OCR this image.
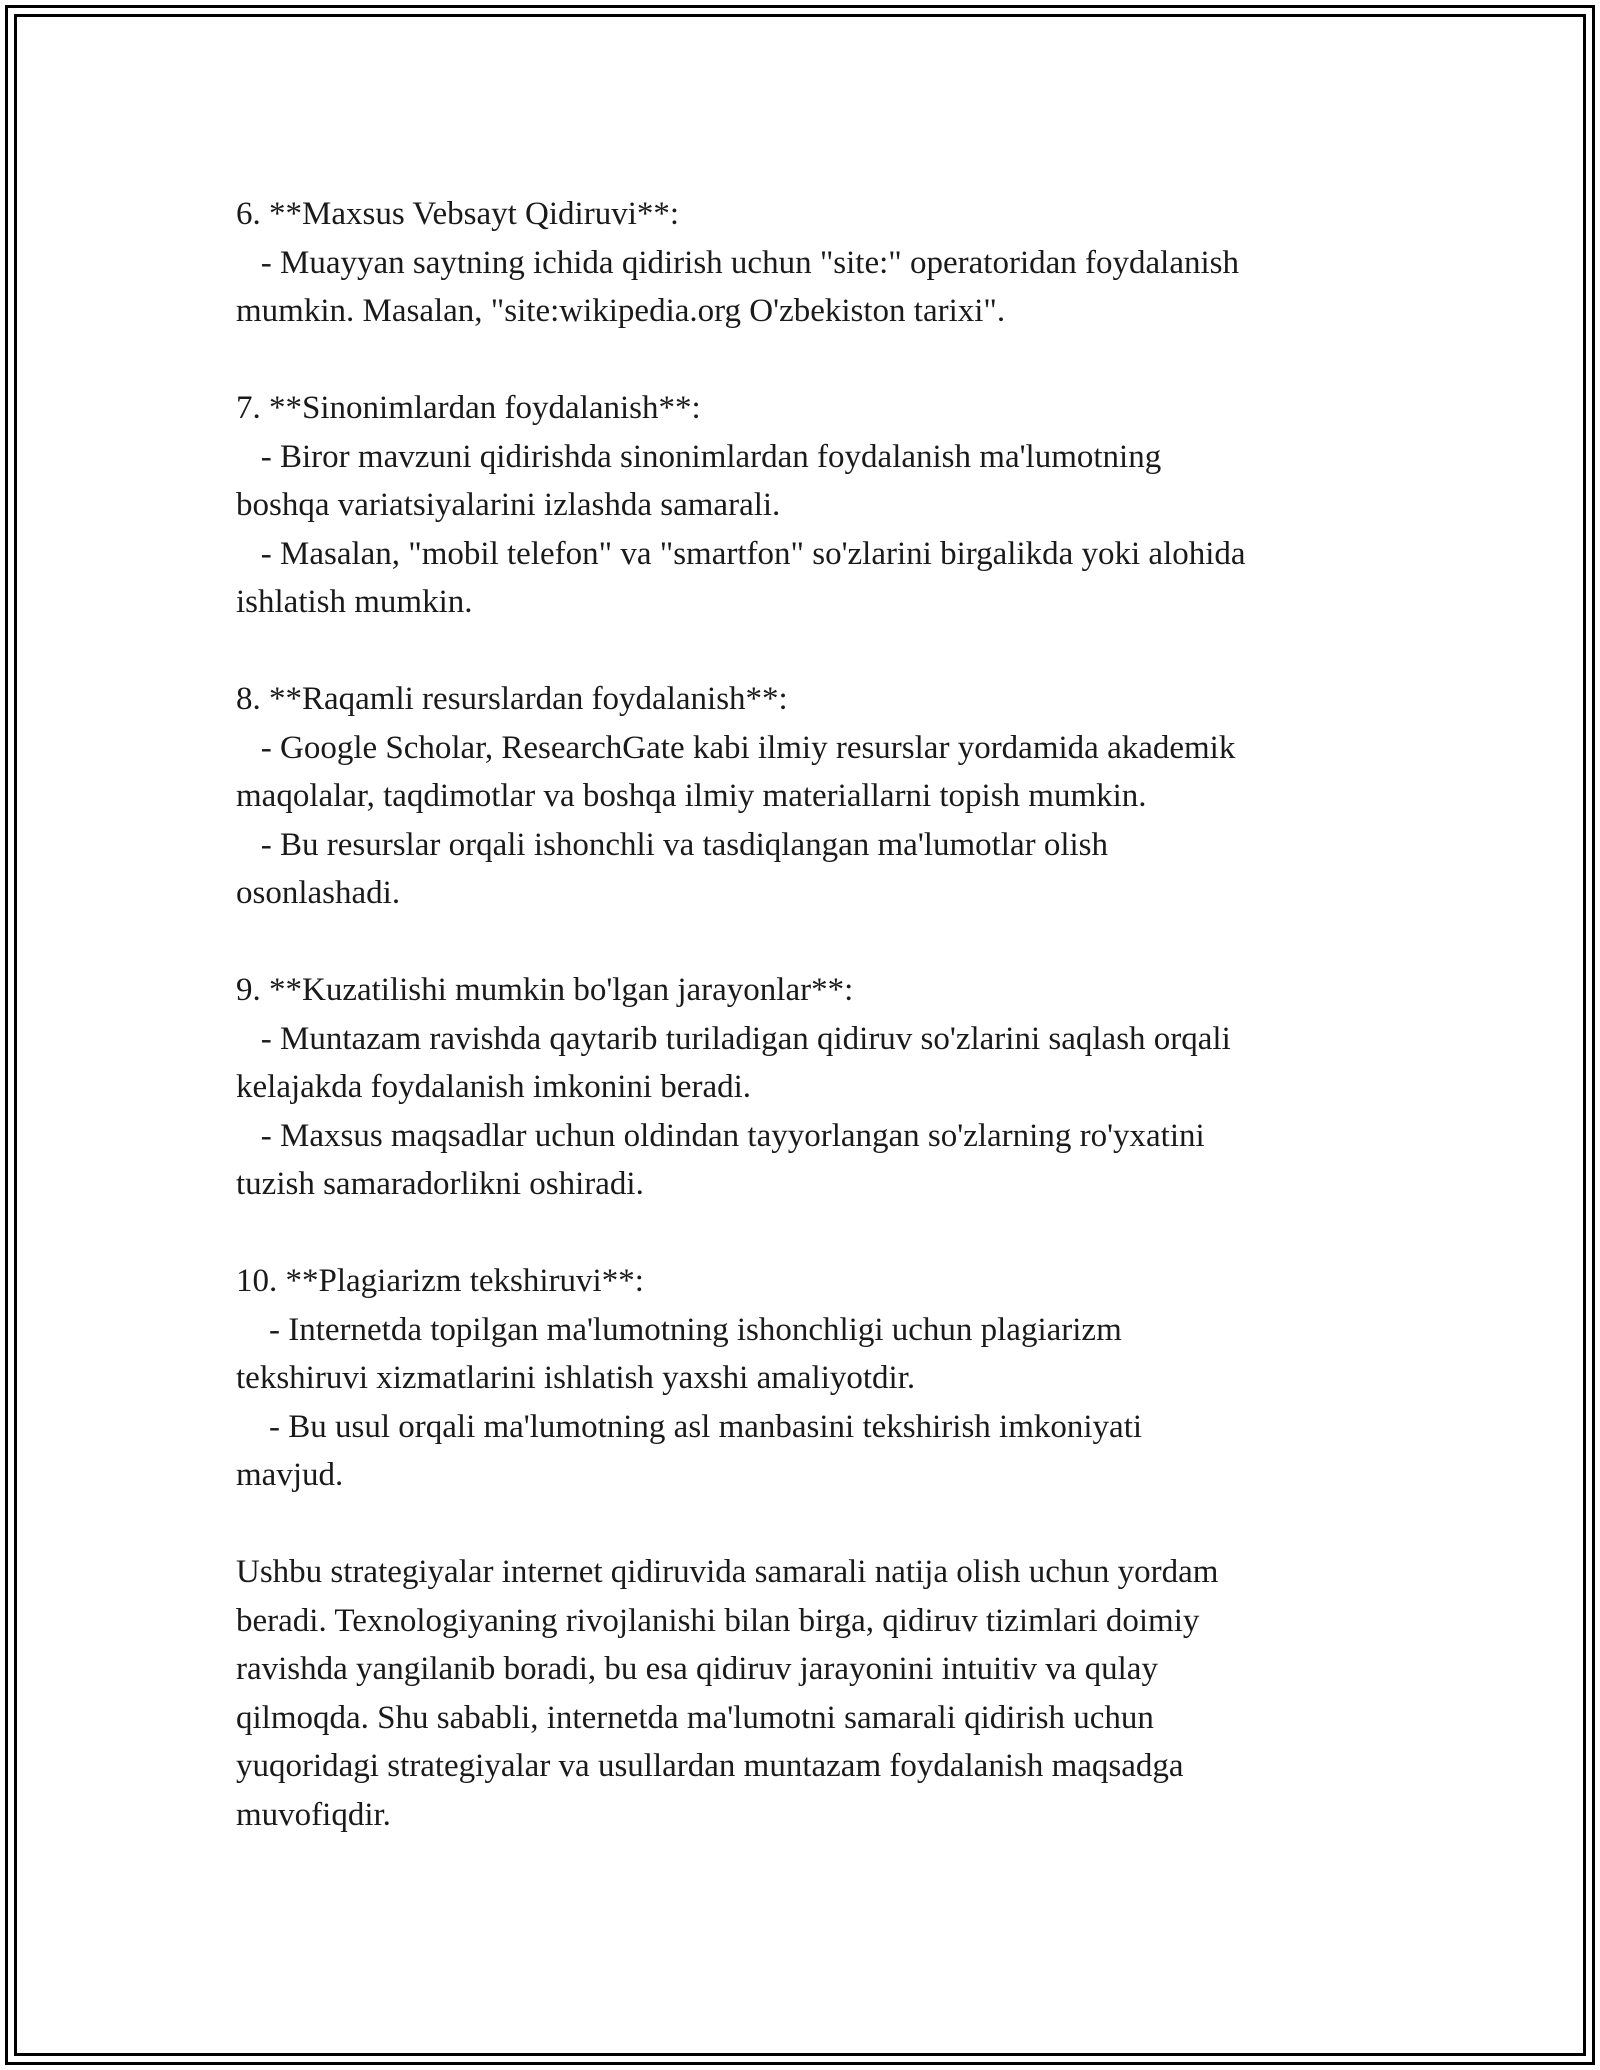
6. **Maxsus Vebsayt Qidiruvi**:
- Muayyan saytning ichida qidirish uchun "site:" operatoridan foydalanish
mumkin. Masalan, "site:wikipedia.org O'zbekiston tarixi".
7. **Sinonimlardan foydalanish**:
- Biror mavzuni qidirishda sinonimlardan foydalanish ma'lumotning
boshqa variatsiyalarini izlashda samarali.
- Masalan, "mobil telefon" va "smartfon" so'zlarini birgalikda yoki alohida
ishlatish mumkin.
8. **Raqamli resurslardan foydalanish**:
- Google Scholar, ResearchGate kabi ilmiy resurslar yordamida akademik
maqolalar, taqdimotlar va boshqa ilmiy materiallarni topish mumkin.
- Bu resurslar orqali ishonchli va tasdiqlangan ma'lumotlar olish
osonlashadi.
9. **Kuzatilishi mumkin bo'lgan jarayonlar**:
- Muntazam ravishda qaytarib turiladigan qidiruv so'zlarini saqlash orqali
kelajakda foydalanish imkonini beradi.
- Maxsus maqsadlar uchun oldindan tayyorlangan so'zlarning ro'yxatini
tuzish samaradorlikni oshiradi.
10. **Plagiarizm tekshiruvi**:
- Internetda topilgan ma'lumotning ishonchligi uchun plagiarizm
tekshiruvi xizmatlarini ishlatish yaxshi amaliyotdir.
- Bu usul orqali ma'lumotning asl manbasini tekshirish imkoniyati
mavjud.
Ushbu strategiyalar internet qidiruvida samarali natija olish uchun yordam
beradi. Texnologiyaning rivojlanishi bilan birga, qidiruv tizimlari doimiy
ravishda yangilanib boradi, bu esa qidiruv jarayonini intuitiv va qulay
qilmoqda. Shu sababli, internetda ma'lumotni samarali qidirish uchun
yuqoridagi strategiyalar va usullardan muntazam foydalanish maqsadga
muvofiqdir.
